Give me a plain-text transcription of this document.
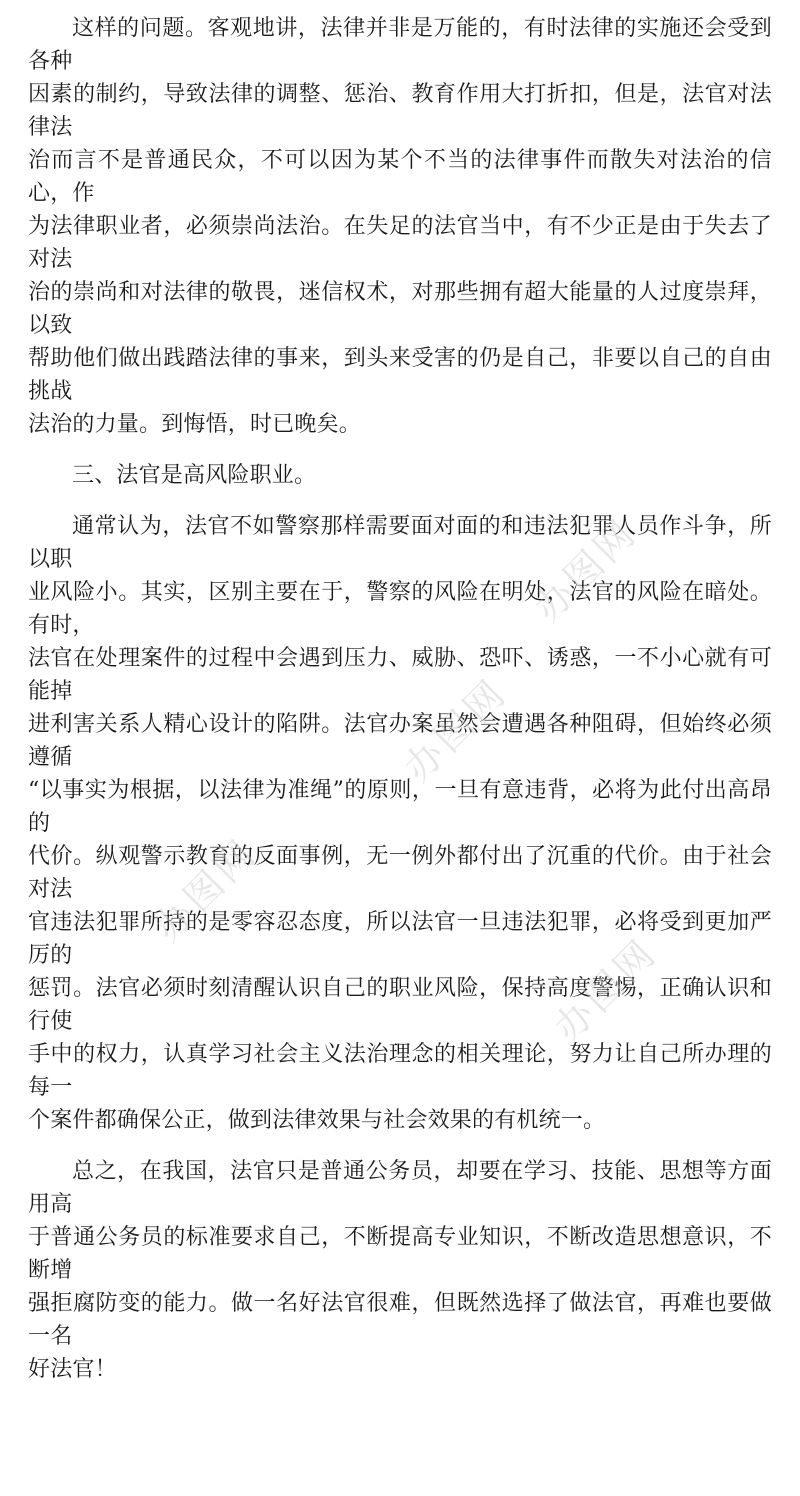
这样的问题。客观地讲，法律并非是万能的，有时法律的实施还会受到各种
因素的制约，导致法律的调整、惩治、教育作用大打折扣，但是，法官对法律法
治而言不是普通民众，不可以因为某个不当的法律事件而散失对法治的信心，作
为法律职业者，必须崇尚法治。在失足的法官当中，有不少正是由于失去了对法
治的崇尚和对法律的敬畏，迷信权术，对那些拥有超大能量的人过度崇拜，以致
帮助他们做出践踏法律的事来，到头来受害的仍是自己，非要以自己的自由挑战
法治的力量。到悔悟，时已晚矣。

三、法官是高风险职业。

通常认为，法官不如警察那样需要面对面的和违法犯罪人员作斗争，所以职
业风险小。其实，区别主要在于，警察的风险在明处，法官的风险在暗处。有时，
法官在处理案件的过程中会遇到压力、威胁、恐吓、诱惑，一不小心就有可能掉
进利害关系人精心设计的陷阱。法官办案虽然会遭遇各种阻碍，但始终必须遵循
“以事实为根据，以法律为准绳”的原则，一旦有意违背，必将为此付出高昂的
代价。纵观警示教育的反面事例，无一例外都付出了沉重的代价。由于社会对法
官违法犯罪所持的是零容忍态度，所以法官一旦违法犯罪，必将受到更加严厉的
惩罚。法官必须时刻清醒认识自己的职业风险，保持高度警惕，正确认识和行使
手中的权力，认真学习社会主义法治理念的相关理论，努力让自己所办理的每一
个案件都确保公正，做到法律效果与社会效果的有机统一。

总之，在我国，法官只是普通公务员，却要在学习、技能、思想等方面用高
于普通公务员的标准要求自己，不断提高专业知识，不断改造思想意识，不断增
强拒腐防变的能力。做一名好法官很难，但既然选择了做法官，再难也要做一名
好法官！

办图网
办图网
办图网
办图网
